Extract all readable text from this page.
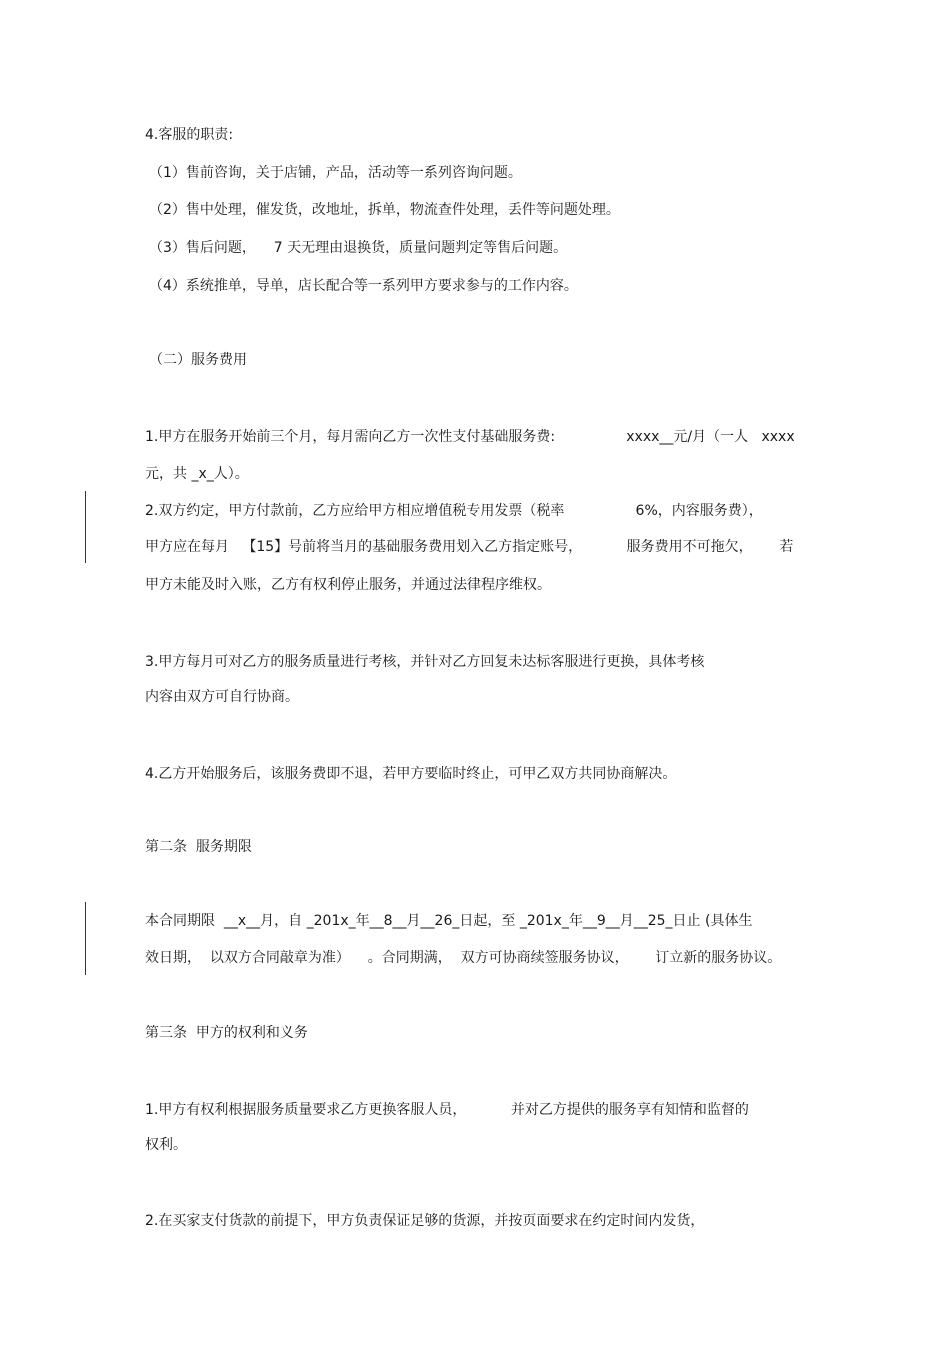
4.客服的职责:
（1）售前咨询，关于店铺，产品，活动等一系列咨询问题。
（2）售中处理，催发货，改地址，拆单，物流查件处理，丢件等问题处理。
（3）售后问题，    7 天无理由退换货，质量问题判定等售后问题。
（4）系统推单，导单，店长配合等一系列甲方要求参与的工作内容。
（二）服务费用
1.甲方在服务开始前三个月，每月需向乙方一次性支付基础服务费:                xxxx__元/月（一人   xxxx
元，共 _x_人）。
2.双方约定，甲方付款前，乙方应给甲方相应增值税专用发票（税率                6%，内容服务费），
甲方应在每月   【15】号前将当月的基础服务费用划入乙方指定账号，          服务费用不可拖欠，      若
甲方未能及时入账，乙方有权利停止服务，并通过法律程序维权。
3.甲方每月可对乙方的服务质量进行考核，并针对乙方回复未达标客服进行更换，具体考核
内容由双方可自行协商。
4.乙方开始服务后，该服务费即不退，若甲方要临时终止，可甲乙双方共同协商解决。
第二条  服务期限
本合同期限  __x__月，自 _201x_年__8__月__26_日起，至 _201x_年__9__月__25_日止 (具体生
效日期，  以双方合同敲章为准）    。合同期满，  双方可协商续签服务协议，      订立新的服务协议。
第三条  甲方的权利和义务
1.甲方有权利根据服务质量要求乙方更换客服人员，          并对乙方提供的服务享有知情和监督的
权利。
2.在买家支付货款的前提下，甲方负责保证足够的货源，并按页面要求在约定时间内发货，
